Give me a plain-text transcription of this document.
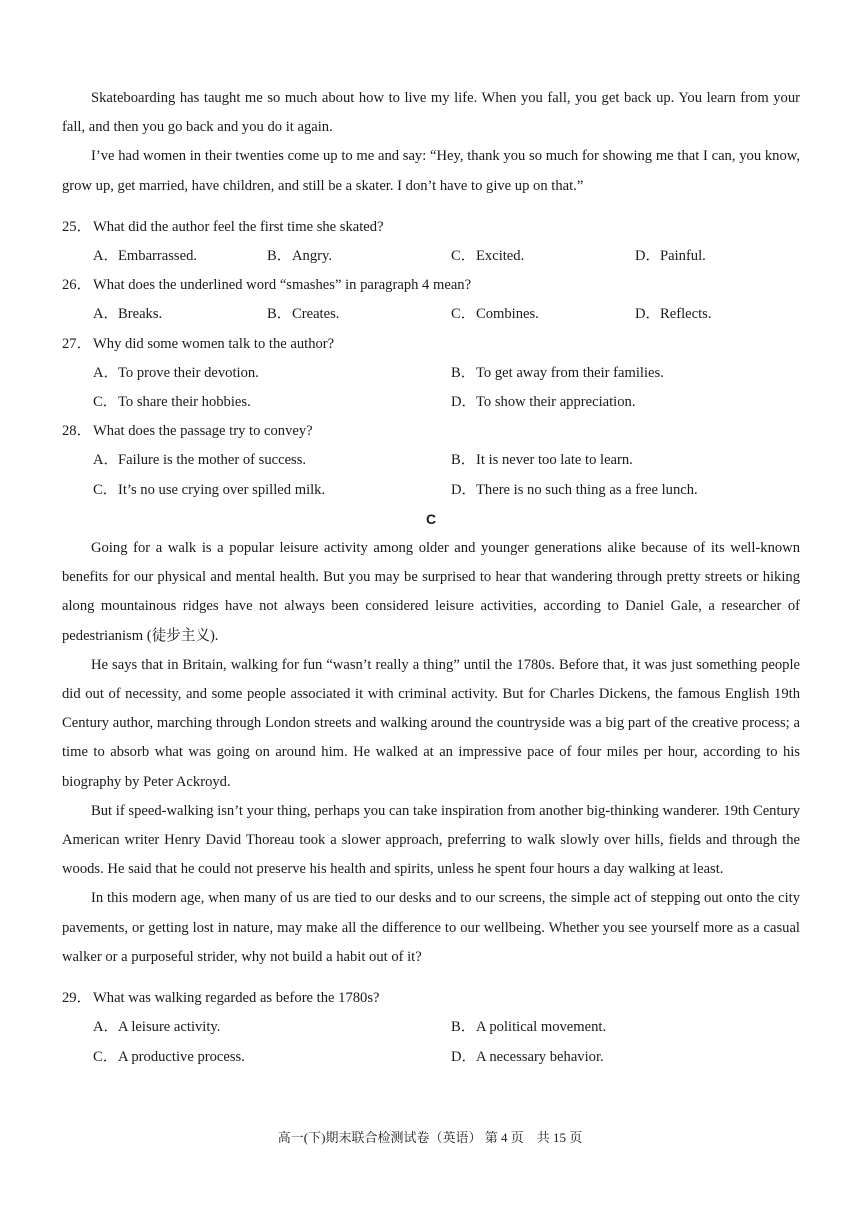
Skateboarding has taught me so much about how to live my life. When you fall, you get back up. You learn from your fall, and then you go back and you do it again.

I’ve had women in their twenties come up to me and say: “Hey, thank you so much for showing me that I can, you know, grow up, get married, have children, and still be a skater. I don’t have to give up on that.”

25． What did the author feel the first time she skated?

A．Embarrassed.	B．Angry.	C．Excited.	D．Painful.

26． What does the underlined word “smashes” in paragraph 4 mean?

A．Breaks.	B．Creates.	C．Combines.	D．Reflects.

27． Why did some women talk to the author?

A．To prove their devotion.	B．To get away from their families.
C．To share their hobbies.	D．To show their appreciation.

28． What does the passage try to convey?

A．Failure is the mother of success.	B．It is never too late to learn.
C．It’s no use crying over spilled milk.	D．There is no such thing as a free lunch.

C

Going for a walk is a popular leisure activity among older and younger generations alike because of its well-known benefits for our physical and mental health. But you may be surprised to hear that wandering through pretty streets or hiking along mountainous ridges have not always been considered leisure activities, according to Daniel Gale, a researcher of pedestrianism (徒步主义).

He says that in Britain, walking for fun “wasn’t really a thing” until the 1780s. Before that, it was just something people did out of necessity, and some people associated it with criminal activity. But for Charles Dickens, the famous English 19th Century author, marching through London streets and walking around the countryside was a big part of the creative process; a time to absorb what was going on around him. He walked at an impressive pace of four miles per hour, according to his biography by Peter Ackroyd.

But if speed-walking isn’t your thing, perhaps you can take inspiration from another big-thinking wanderer. 19th Century American writer Henry David Thoreau took a slower approach, preferring to walk slowly over hills, fields and through the woods. He said that he could not preserve his health and spirits, unless he spent four hours a day walking at least.

In this modern age, when many of us are tied to our desks and to our screens, the simple act of stepping out onto the city pavements, or getting lost in nature, may make all the difference to our wellbeing. Whether you see yourself more as a casual walker or a purposeful strider, why not build a habit out of it?

29． What was walking regarded as before the 1780s?

A．A leisure activity.	B．A political movement.
C．A productive process.	D．A necessary behavior.
高一(下)期末联合检测试卷（英语） 第 4 页　共 15 页
